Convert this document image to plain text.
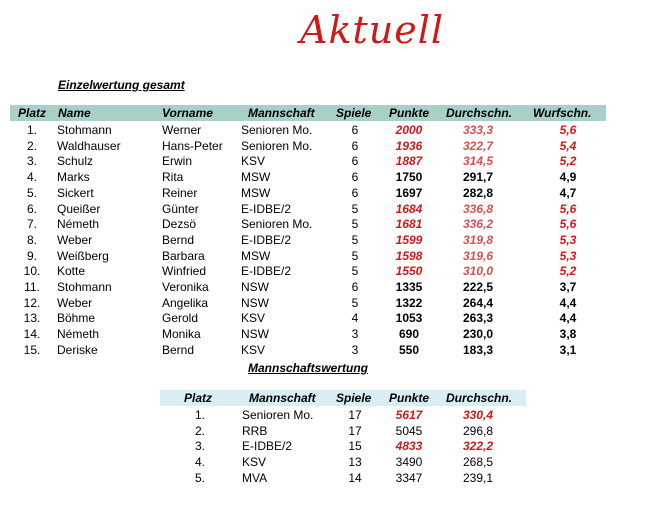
Aktuell
Einzelwertung gesamt
Mannschaftswertung
Platz Name	Vorname	Mannschaft	Spiele	Punkte	Durchschn.	Wurfschn.
1.	Stohmann	Werner	Senioren Mo.	6	2000	333,3	5,6
2.	Waldhauser	Hans-Peter	Senioren Mo.	6	1936	322,7	5,4
3.	Schulz	Erwin	KSV	6	1887	314,5	5,2
4.	Marks	Rita	MSW	6	1750	291,7	4,9
5.	Sickert	Reiner	MSW	6	1697	282,8	4,7
6.	Queißer	Günter	E-IDBE/2	5	1684	336,8	5,6
7.	Németh	Dezsö	Senioren Mo.	5	1681	336,2	5,6
8.	Weber	Bernd	E-IDBE/2	5	1599	319,8	5,3
9.	Weißberg	Barbara	MSW	5	1598	319,6	5,3
10.	Kotte	Winfried	E-IDBE/2	5	1550	310,0	5,2
11.	Stohmann	Veronika	NSW	6	1335	222,5	3,7
12.	Weber	Angelika	NSW	5	1322	264,4	4,4
13.	Böhme	Gerold	KSV	4	1053	263,3	4,4
14.	Németh	Monika	NSW	3	690	230,0	3,8
15.	Deriske	Bernd	KSV	3	550	183,3	3,1
Platz	Mannschaft	Spiele	Punkte	Durchschn.
1.	Senioren Mo.	17	5617	330,4
2.	RRB	17	5045	296,8
3.	E-IDBE/2	15	4833	322,2
4.	KSV	13	3490	268,5
5.	MVA	14	3347	239,1
